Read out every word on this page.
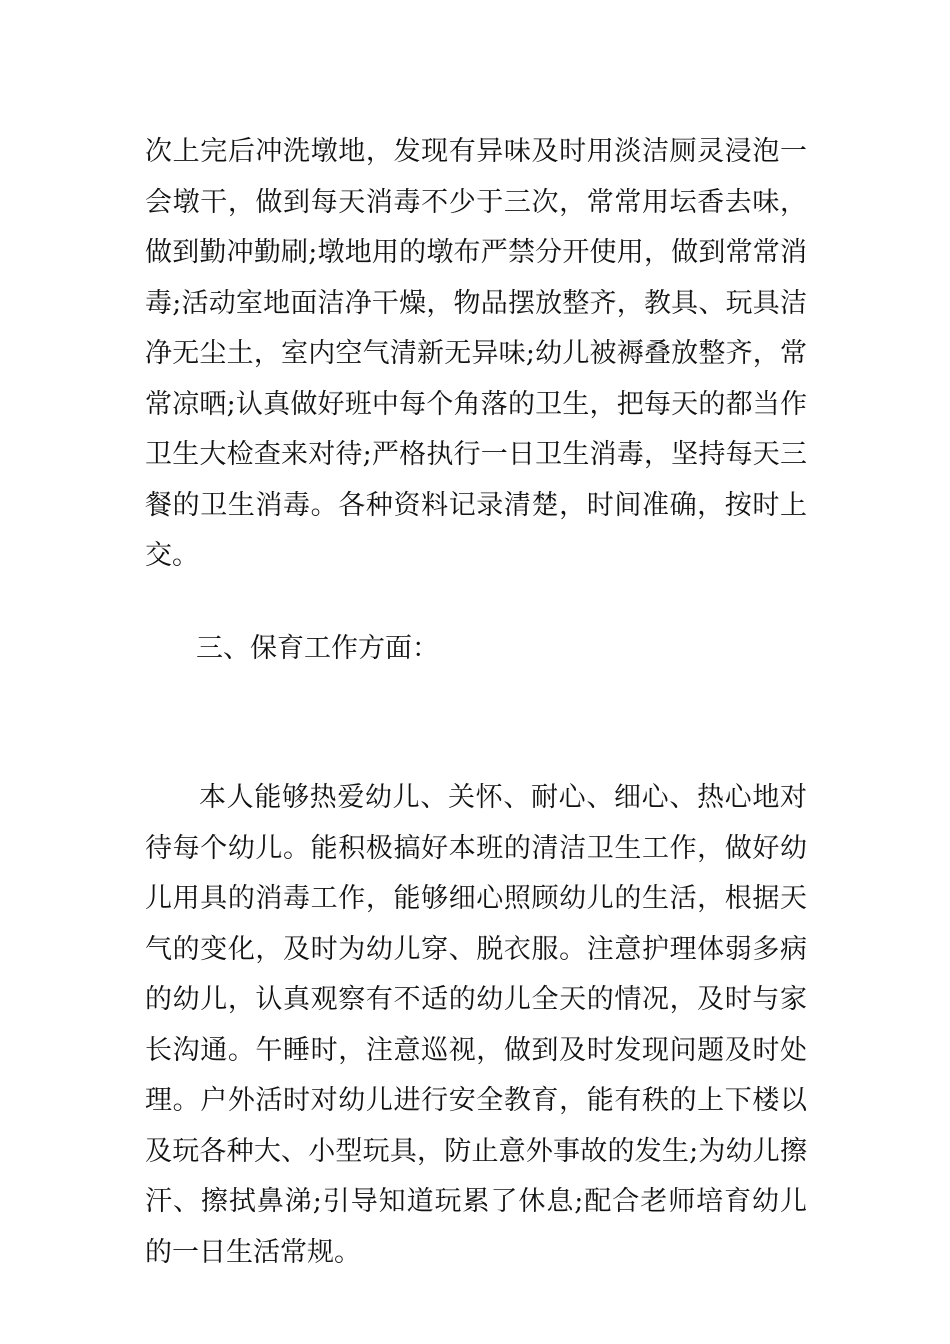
次上完后冲洗墩地，发现有异味及时用淡洁厕灵浸泡一会墩干，做到每天消毒不少于三次，常常用坛香去味，做到勤冲勤刷;墩地用的墩布严禁分开使用，做到常常消毒;活动室地面洁净干燥，物品摆放整齐，教具、玩具洁净无尘土，室内空气清新无异味;幼儿被褥叠放整齐，常常凉晒;认真做好班中每个角落的卫生，把每天的都当作卫生大检查来对待;严格执行一日卫生消毒，坚持每天三餐的卫生消毒。各种资料记录清楚，时间准确，按时上交。

三、保育工作方面：

本人能够热爱幼儿、关怀、耐心、细心、热心地对待每个幼儿。能积极搞好本班的清洁卫生工作，做好幼儿用具的消毒工作，能够细心照顾幼儿的生活，根据天气的变化，及时为幼儿穿、脱衣服。注意护理体弱多病的幼儿，认真观察有不适的幼儿全天的情况，及时与家长沟通。午睡时，注意巡视，做到及时发现问题及时处理。户外活时对幼儿进行安全教育，能有秩的上下楼以及玩各种大、小型玩具，防止意外事故的发生;为幼儿擦汗、擦拭鼻涕;引导知道玩累了休息;配合老师培育幼儿的一日生活常规。
